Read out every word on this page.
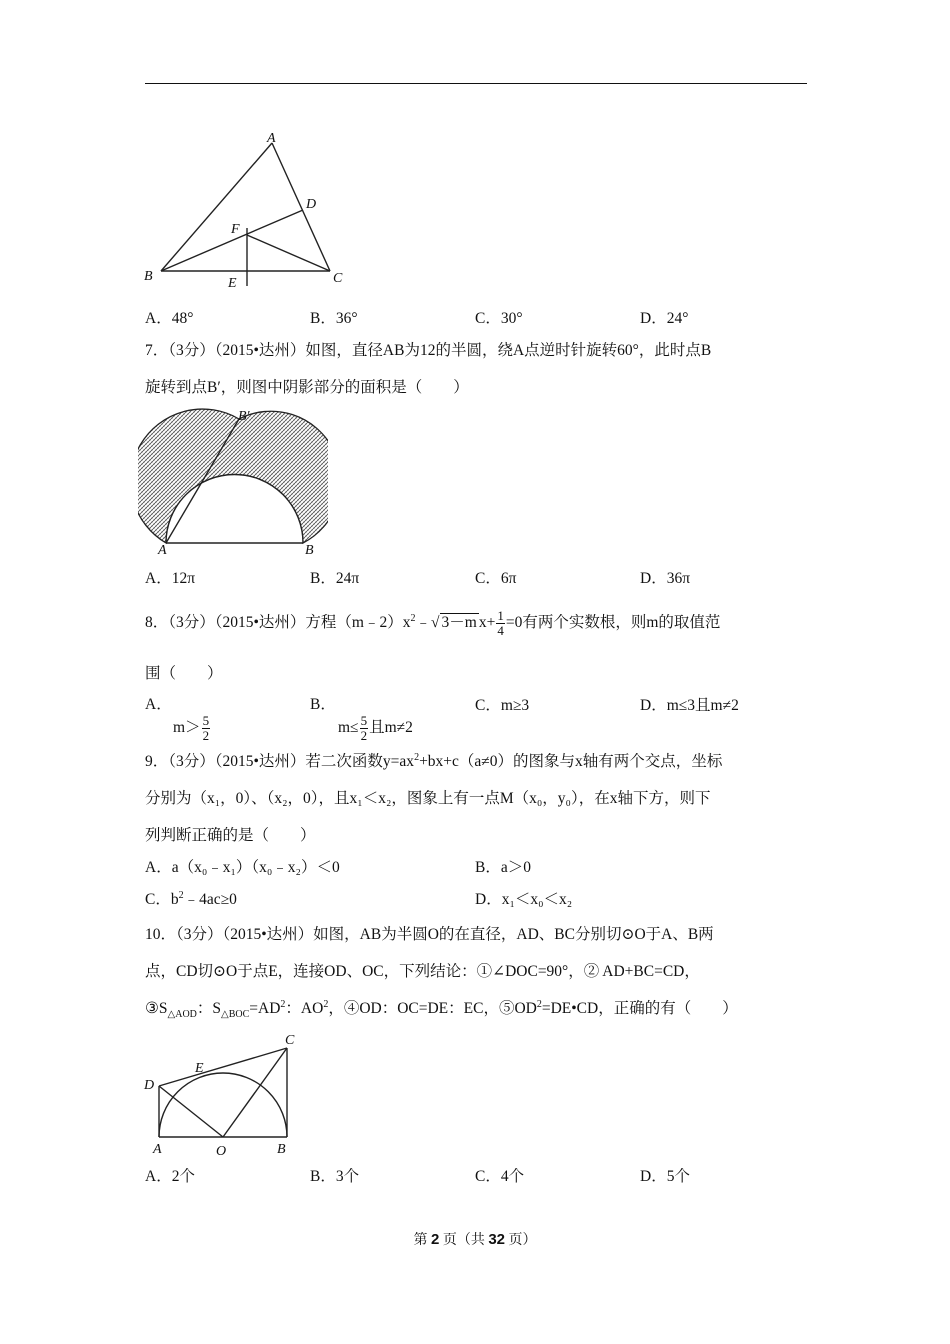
A
B	C
D
E
F
A．48°	B．36°	C．30°	D．24°
7．（3分）（2015•达州）如图，直径AB为12的半圆，绕A点逆时针旋转60°，此时点B
旋转到点B′，则图中阴影部分的面积是（　　）
B′
A	B
A．12π	B．24π	C．6π	D．36π
8．（3分）（2015•达州）方程$(m﹣2)x^2﹣√$ 3－m $x+ \frac{1}{4} =0$有两个实数根，则m的取值范
围（　　）
A．
$m> \frac{5}{2}$
B．
$m\le \frac{5}{2}$ 且m≠2
C．m≥3	D．m≤3且m≠2
9．（3分）（2015•达州）若二次函数$y=ax^2+bx+c(a\ne 0)$的图象与x轴有两个交点，坐标
分别为（x₁，0）、（x₂，0），且x₁＜x₂，图象上有一点M（x₀，y₀），在x轴下方，则下
列判断正确的是（　　）
A．a（x₀﹣x₁）（x₀﹣x₂）＜0	B．a＞0
C．$b^2﹣4ac\ge 0$	D．x₁＜x₀＜x₂
10．（3分）（2015•达州）如图，AB为半圆O的在直径，AD、BC分别切⊙O于A、B两
点，CD切⊙O于点E，连接OD、OC，下列结论：①∠DOC=90°，② AD+BC=CD，
$③S_{\triangle AOD}$：$S_{\triangle BOC}=AD^2$：$AO^2$，④OD：OC=DE：EC，$⑤OD^2=DE•CD$，正确的有（　　）
C
E
D
A	O	B
A．2个	B．3个	C．4个	D．5个
第 2 页（共 32 页）
